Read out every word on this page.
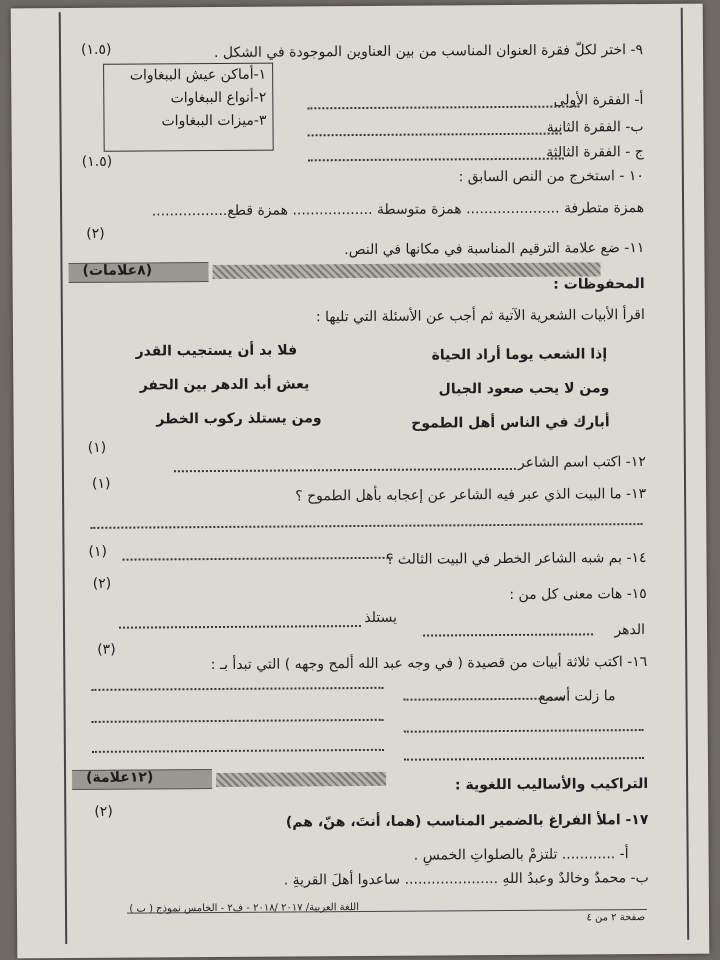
٩- اختر لكلّ فقرة العنوان المناسب من بين العناوين الموجودة في الشكل .
(١.٥)
١-أماكن عيش الببغاوات
٢-أنواع الببغاوات
٣-ميزات الببغاوات
أ- الفقرة الأولى
ب- الفقرة الثانية
ج - الفقرة الثالثة
(١.٥)
١٠ - استخرج من النص السابق :
همزة متطرفة ..................... همزة متوسطة .................. همزة قطع.................
(٢)
١١- ضع علامة الترقيم المناسبة في مكانها في النص.
(٨علامات)
المحفوظات :
اقرأ الأبيات الشعرية الآتية ثم أجب عن الأسئلة التي تليها :
إذا الشعب يوما أراد الحياة
فلا بد أن يستجيب القدر
ومن لا يحب صعود الجبال
يعش أبد الدهر بين الحفر
أبارك في الناس أهل الطموح
ومن يستلذ ركوب الخطر
(١)
١٢- اكتب اسم الشاعر
(١)
١٣- ما البيت الذي عبر فيه الشاعر عن إعجابه بأهل الطموح ؟
(١)	١٤- بم شبه الشاعر الخطر في البيت الثالث ؟
(٢)
١٥- هات معنى كل من :
الدهر
يستلذ
(٣)
١٦- اكتب ثلاثة أبيات من قصيدة ( في وجه عبد الله ألمح وجهه ) التي تبدأ بـ :
ما زلت أسمع
(١٢علامة)	التراكيب والأساليب اللغوية :
(٢)
١٧- املأ الفراغ بالضمير المناسب (هما، أنتَ، هنّ، هم)
أ- ............ تلتزمْ بالصلواتِ الخمسِ .
ب- محمدٌ وخالدٌ وعبدُ اللهِ ..................... ساعدوا أهلَ القريةِ .
صفحة ٢ من ٤
اللغة العربية/ ٢٠١٧ /٢٠١٨ - ف٢ - الخامس نموذج ( ب )
